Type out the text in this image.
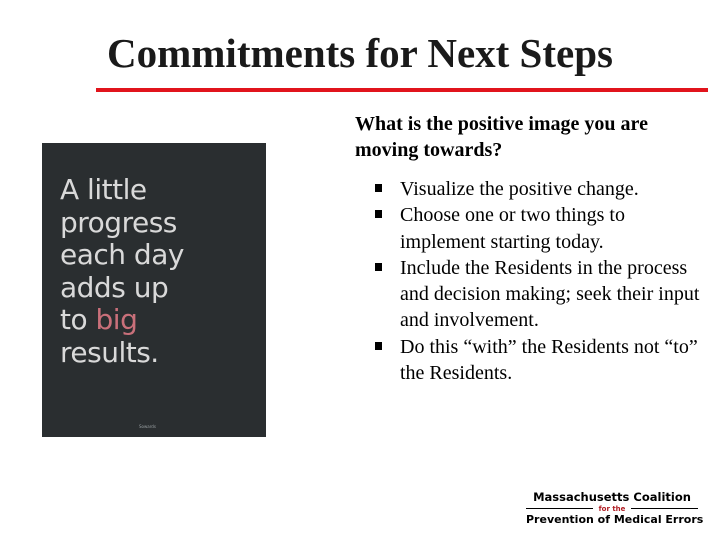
Commitments for Next Steps
A little
progress
each day
adds up
to big
results.
Sowards

What is the positive image you are moving towards?

Visualize the positive change.
Choose one or two things to implement starting today.
Include the Residents in the process and decision making; seek their input and involvement.
Do this “with” the Residents not “to” the Residents.
Massachusetts Coalition
for the
Prevention of Medical Errors
